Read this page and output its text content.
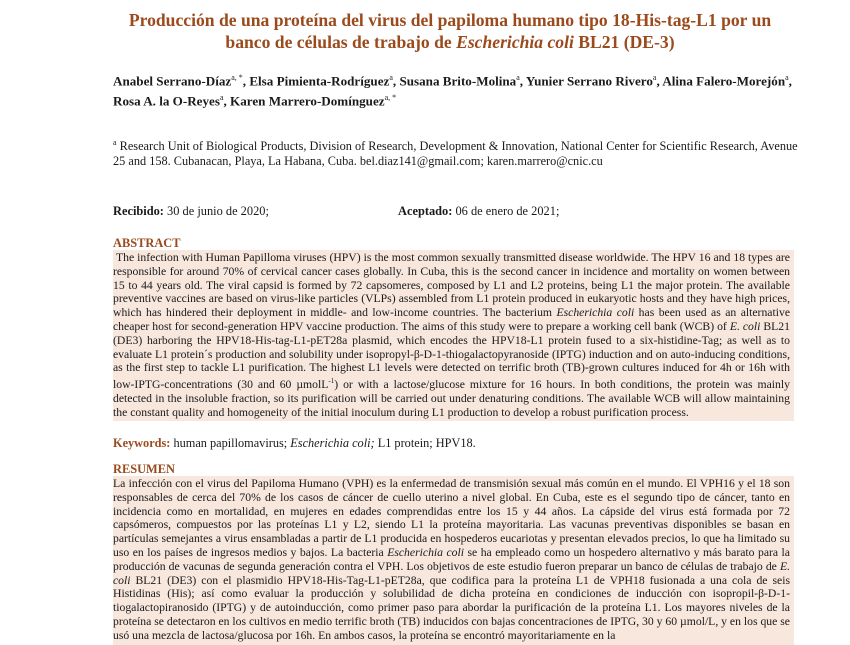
Producción de una proteína del virus del papiloma humano tipo 18-His-tag-L1 por un banco de células de trabajo de Escherichia coli BL21 (DE-3)
Anabel Serrano-Díaz$^{a, *}$, Elsa Pimienta-Rodríguez$^a$, Susana Brito-Molina$^a$, Yunier Serrano Rivero$^a$, Alina Falero-Morejón$^a$, Rosa A. la O-Reyes$^a$, Karen Marrero-Domínguez$^{a, *}$
$^a$ Research Unit of Biological Products, Division of Research, Development & Innovation, National Center for Scientific Research, Avenue 25 and 158. Cubanacan, Playa, La Habana, Cuba. bel.diaz141@gmail.com; karen.marrero@cnic.cu
Recibido: 30 de junio de 2020;	Aceptado: 06 de enero de 2021;
ABSTRACT
The infection with Human Papilloma viruses (HPV) is the most common sexually transmitted disease worldwide. The HPV 16 and 18 types are responsible for around 70% of cervical cancer cases globally. In Cuba, this is the second cancer in incidence and mortality on women between 15 to 44 years old. The viral capsid is formed by 72 capsomeres, composed by L1 and L2 proteins, being L1 the major protein. The available preventive vaccines are based on virus-like particles (VLPs) assembled from L1 protein produced in eukaryotic hosts and they have high prices, which has hindered their deployment in middle- and low-income countries. The bacterium Escherichia coli has been used as an alternative cheaper host for second-generation HPV vaccine production. The aims of this study were to prepare a working cell bank (WCB) of E. coli BL21 (DE3) harboring the HPV18-His-tag-L1-pET28a plasmid, which encodes the HPV18-L1 protein fused to a six-histidine-Tag; as well as to evaluate L1 protein´s production and solubility under isopropyl-β-D-1-thiogalactopyranoside (IPTG) induction and on auto-inducing conditions, as the first step to tackle L1 purification. The highest L1 levels were detected on terrific broth (TB)-grown cultures induced for 4h or 16h with low-IPTG-concentrations (30 and 60 µmolL$^{-1}$) or with a lactose/glucose mixture for 16 hours. In both conditions, the protein was mainly detected in the insoluble fraction, so its purification will be carried out under denaturing conditions. The available WCB will allow maintaining the constant quality and homogeneity of the initial inoculum during L1 production to develop a robust purification process.
Keywords: human papillomavirus; Escherichia coli; L1 protein; HPV18.
RESUMEN
La infección con el virus del Papiloma Humano (VPH) es la enfermedad de transmisión sexual más común en el mundo. El VPH16 y el 18 son responsables de cerca del 70% de los casos de cáncer de cuello uterino a nivel global. En Cuba, este es el segundo tipo de cáncer, tanto en incidencia como en mortalidad, en mujeres en edades comprendidas entre los 15 y 44 años. La cápside del virus está formada por 72 capsómeros, compuestos por las proteínas L1 y L2, siendo L1 la proteína mayoritaria. Las vacunas preventivas disponibles se basan en partículas semejantes a virus ensambladas a partir de L1 producida en hospederos eucariotas y presentan elevados precios, lo que ha limitado su uso en los países de ingresos medios y bajos. La bacteria Escherichia coli se ha empleado como un hospedero alternativo y más barato para la producción de vacunas de segunda generación contra el VPH. Los objetivos de este estudio fueron preparar un banco de células de trabajo de E. coli BL21 (DE3) con el plasmidio HPV18-His-Tag-L1-pET28a, que codifica para la proteína L1 de VPH18 fusionada a una cola de seis Histidinas (His); así como evaluar la producción y solubilidad de dicha proteína en condiciones de inducción con isopropil-β-D-1-tiogalactopiranosido (IPTG) y de autoinducción, como primer paso para abordar la purificación de la proteína L1. Los mayores niveles de la proteína se detectaron en los cultivos en medio terrific broth (TB) inducidos con bajas concentraciones de IPTG, 30 y 60 µmol/L, y en los que se usó una mezcla de lactosa/glucosa por 16h. En ambos casos, la proteína se encontró mayoritariamente en la
